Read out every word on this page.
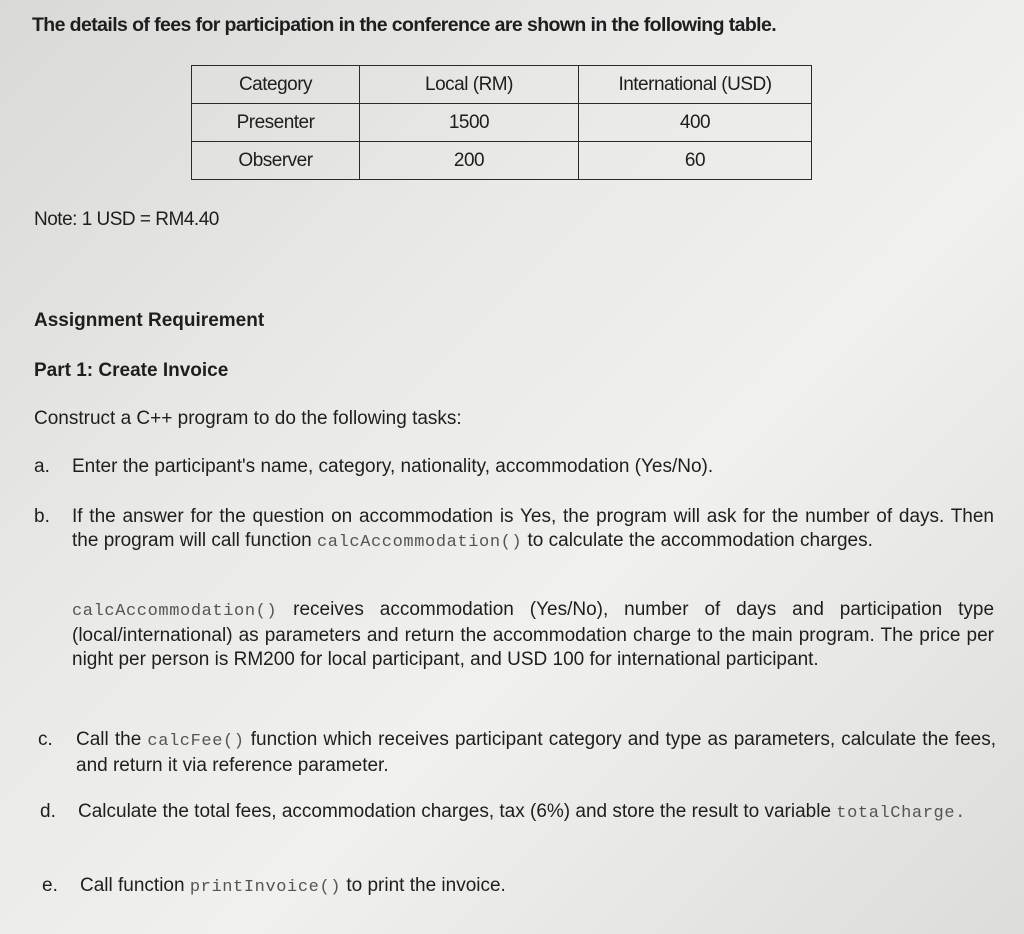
The details of fees for participation in the conference are shown in the following table.

Category	Local (RM)	International (USD)
Presenter	1500	400
Observer	200	60

Note: 1 USD = RM4.40

Assignment Requirement

Part 1: Create Invoice

Construct a C++ program to do the following tasks:

a. Enter the participant's name, category, nationality, accommodation (Yes/No).
b. If the answer for the question on accommodation is Yes, the program will ask for the number of days. Then the program will call function calcAccommodation() to calculate the accommodation charges.
calcAccommodation() receives accommodation (Yes/No), number of days and participation type (local/international) as parameters and return the accommodation charge to the main program. The price per night per person is RM200 for local participant, and USD 100 for international participant.
c. Call the calcFee() function which receives participant category and type as parameters, calculate the fees, and return it via reference parameter.
d. Calculate the total fees, accommodation charges, tax (6%) and store the result to variable totalCharge.
e. Call function printInvoice() to print the invoice.
